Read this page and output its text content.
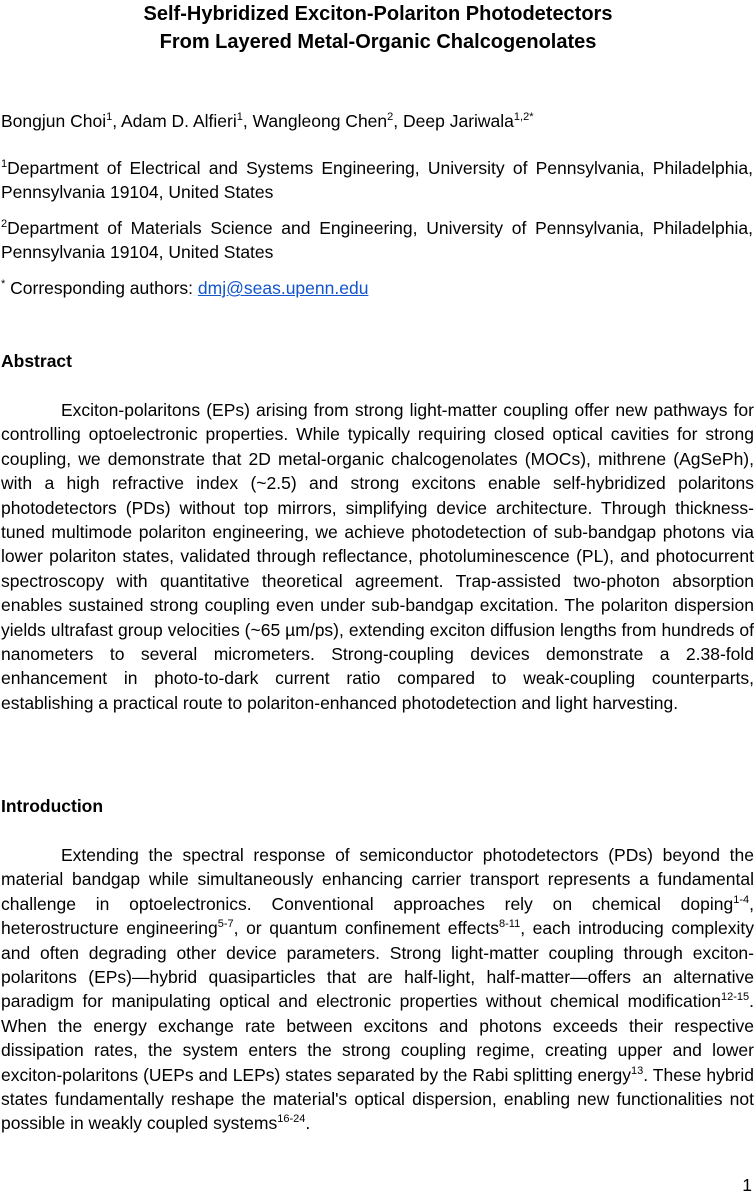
Self-Hybridized Exciton-Polariton Photodetectors
From Layered Metal-Organic Chalcogenolates
Bongjun Choi$^1$, Adam D. Alfieri$^1$, Wangleong Chen$^2$, Deep Jariwala$^{1,2*}$

$^1$Department of Electrical and Systems Engineering, University of Pennsylvania, Philadelphia, Pennsylvania 19104, United States

$^2$Department of Materials Science and Engineering, University of Pennsylvania, Philadelphia, Pennsylvania 19104, United States

* Corresponding authors: dmj@seas.upenn.edu
Abstract

Exciton-polaritons (EPs) arising from strong light-matter coupling offer new pathways for controlling optoelectronic properties. While typically requiring closed optical cavities for strong coupling, we demonstrate that 2D metal-organic chalcogenolates (MOCs), mithrene (AgSePh), with a high refractive index (~2.5) and strong excitons enable self-hybridized polaritons photodetectors (PDs) without top mirrors, simplifying device architecture. Through thickness-tuned multimode polariton engineering, we achieve photodetection of sub-bandgap photons via lower polariton states, validated through reflectance, photoluminescence (PL), and photocurrent spectroscopy with quantitative theoretical agreement. Trap-assisted two-photon absorption enables sustained strong coupling even under sub-bandgap excitation. The polariton dispersion yields ultrafast group velocities (~65 µm/ps), extending exciton diffusion lengths from hundreds of nanometers to several micrometers. Strong-coupling devices demonstrate a 2.38-fold enhancement in photo-to-dark current ratio compared to weak-coupling counterparts, establishing a practical route to polariton-enhanced photodetection and light harvesting.

Introduction

Extending the spectral response of semiconductor photodetectors (PDs) beyond the material bandgap while simultaneously enhancing carrier transport represents a fundamental challenge in optoelectronics. Conventional approaches rely on chemical doping$^{1-4}$, heterostructure engineering$^{5-7}$, or quantum confinement effects$^{8-11}$, each introducing complexity and often degrading other device parameters. Strong light-matter coupling through exciton-polaritons (EPs)—hybrid quasiparticles that are half-light, half-matter—offers an alternative paradigm for manipulating optical and electronic properties without chemical modification$^{12-15}$. When the energy exchange rate between excitons and photons exceeds their respective dissipation rates, the system enters the strong coupling regime, creating upper and lower exciton-polaritons (UEPs and LEPs) states separated by the Rabi splitting energy$^{13}$. These hybrid states fundamentally reshape the material's optical dispersion, enabling new functionalities not possible in weakly coupled systems$^{16-24}$.

1
